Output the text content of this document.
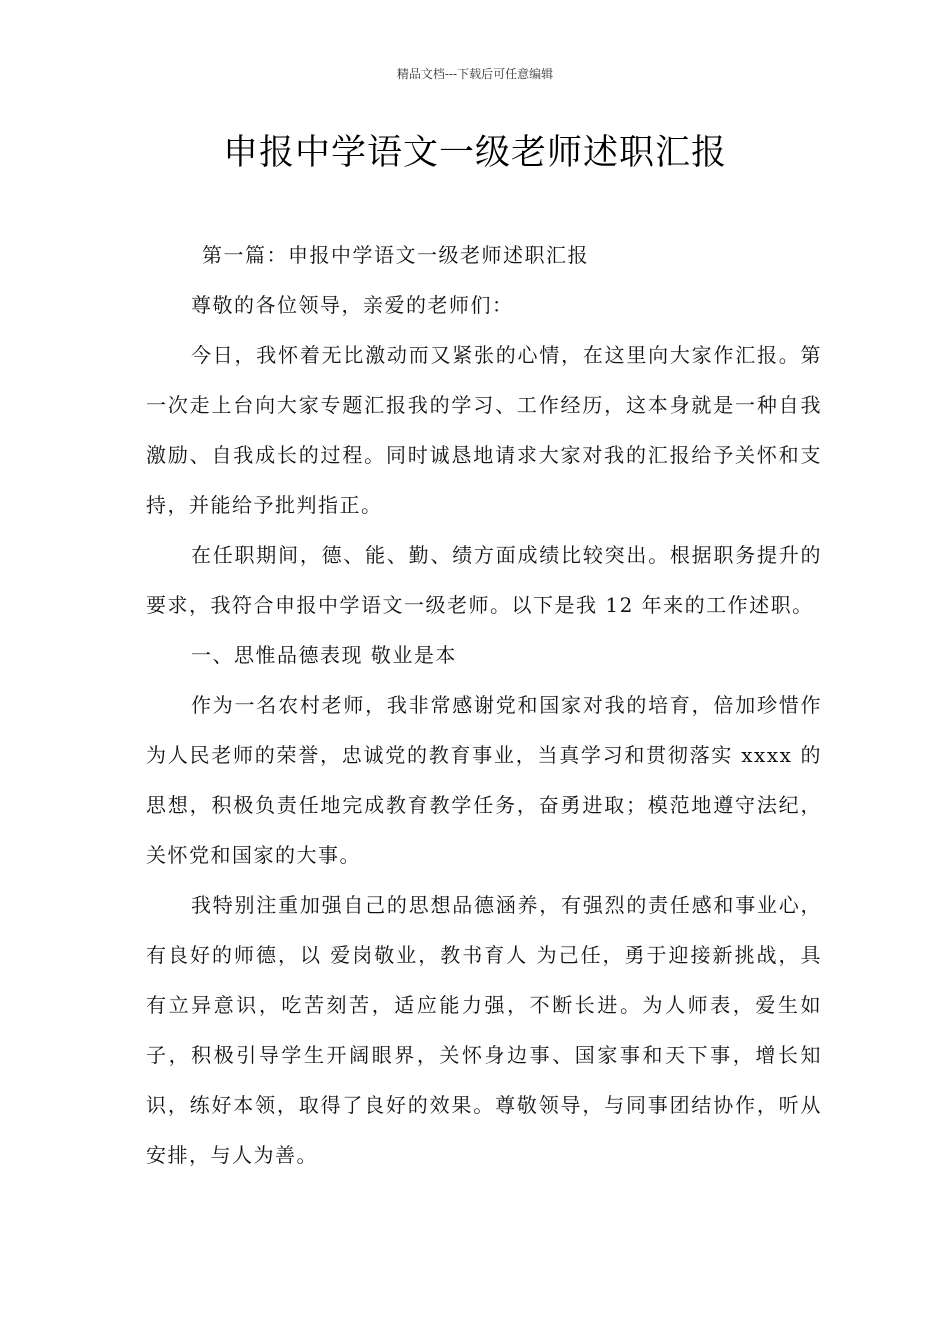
精品文档---下载后可任意编辑
申报中学语文一级老师述职汇报

第一篇：申报中学语文一级老师述职汇报

尊敬的各位领导，亲爱的老师们：

今日，我怀着无比激动而又紧张的心情，在这里向大家作汇报。第一次走上台向大家专题汇报我的学习、工作经历，这本身就是一种自我激励、自我成长的过程。同时诚恳地请求大家对我的汇报给予关怀和支持，并能给予批判指正。

在任职期间，德、能、勤、绩方面成绩比较突出。根据职务提升的要求，我符合申报中学语文一级老师。以下是我 12 年来的工作述职。

一、思惟品德表现 敬业是本

作为一名农村老师，我非常感谢党和国家对我的培育，倍加珍惜作为人民老师的荣誉，忠诚党的教育事业，当真学习和贯彻落实 xxxx 的思想，积极负责任地完成教育教学任务，奋勇进取；模范地遵守法纪，关怀党和国家的大事。

我特别注重加强自己的思想品德涵养，有强烈的责任感和事业心，有良好的师德，以 爱岗敬业，教书育人 为己任，勇于迎接新挑战，具有立异意识，吃苦刻苦，适应能力强，不断长进。为人师表，爱生如子，积极引导学生开阔眼界，关怀身边事、国家事和天下事，增长知识，练好本领，取得了良好的效果。尊敬领导，与同事团结协作，听从安排，与人为善。
